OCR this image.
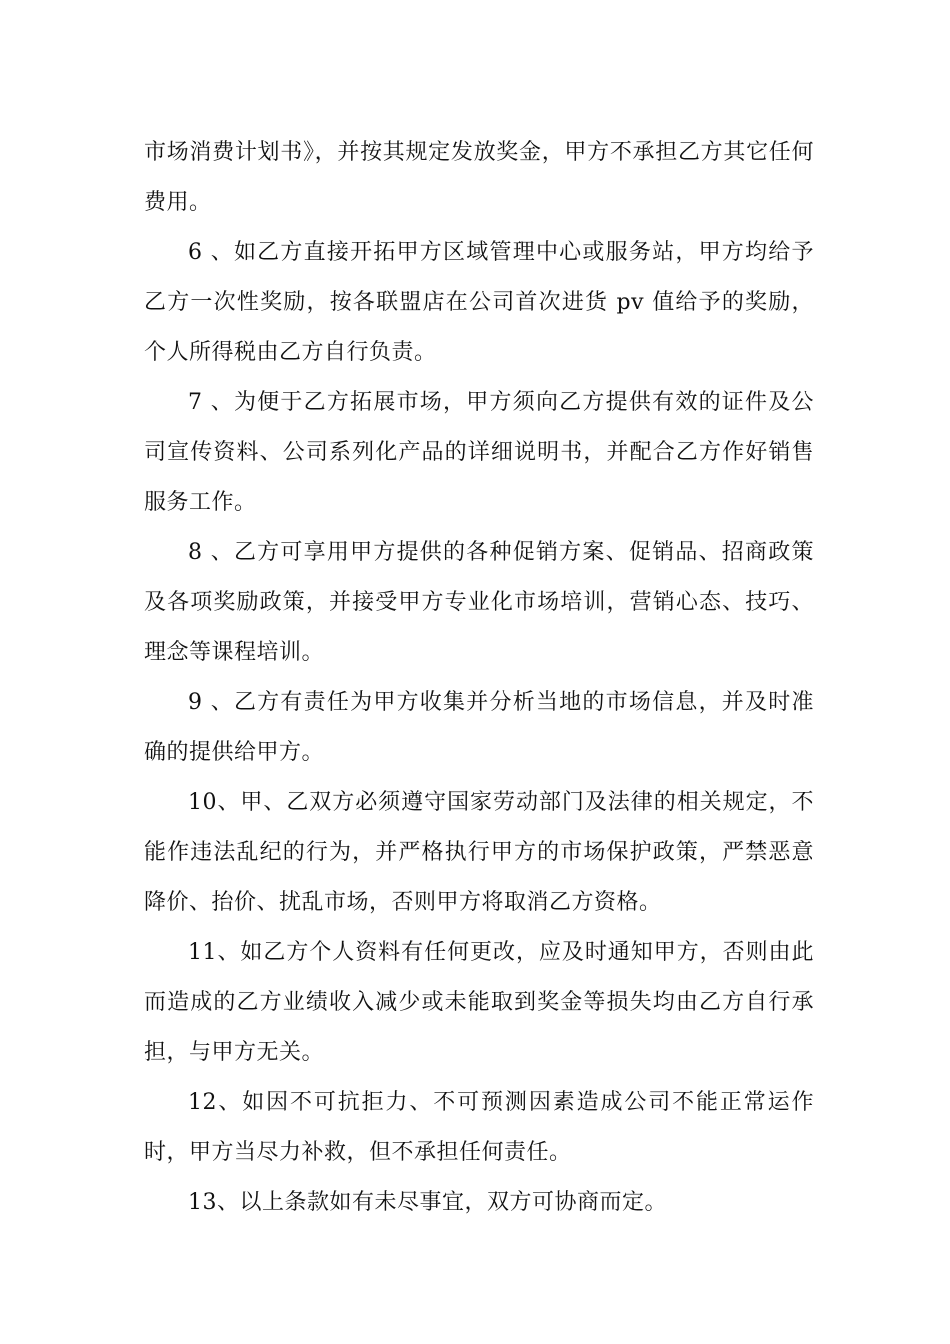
市场消费计划书》，并按其规定发放奖金，甲方不承担乙方其它任何费用。

6 、如乙方直接开拓甲方区域管理中心或服务站，甲方均给予乙方一次性奖励，按各联盟店在公司首次进货 pv 值给予的奖励，个人所得税由乙方自行负责。

7 、为便于乙方拓展市场，甲方须向乙方提供有效的证件及公司宣传资料、公司系列化产品的详细说明书，并配合乙方作好销售服务工作。

8 、乙方可享用甲方提供的各种促销方案、促销品、招商政策及各项奖励政策，并接受甲方专业化市场培训，营销心态、技巧、理念等课程培训。

9 、乙方有责任为甲方收集并分析当地的市场信息，并及时准确的提供给甲方。

10、甲、乙双方必须遵守国家劳动部门及法律的相关规定，不能作违法乱纪的行为，并严格执行甲方的市场保护政策，严禁恶意降价、抬价、扰乱市场，否则甲方将取消乙方资格。

11、如乙方个人资料有任何更改，应及时通知甲方，否则由此而造成的乙方业绩收入减少或未能取到奖金等损失均由乙方自行承担，与甲方无关。

12、如因不可抗拒力、不可预测因素造成公司不能正常运作时，甲方当尽力补救，但不承担任何责任。

13、以上条款如有未尽事宜，双方可协商而定。
